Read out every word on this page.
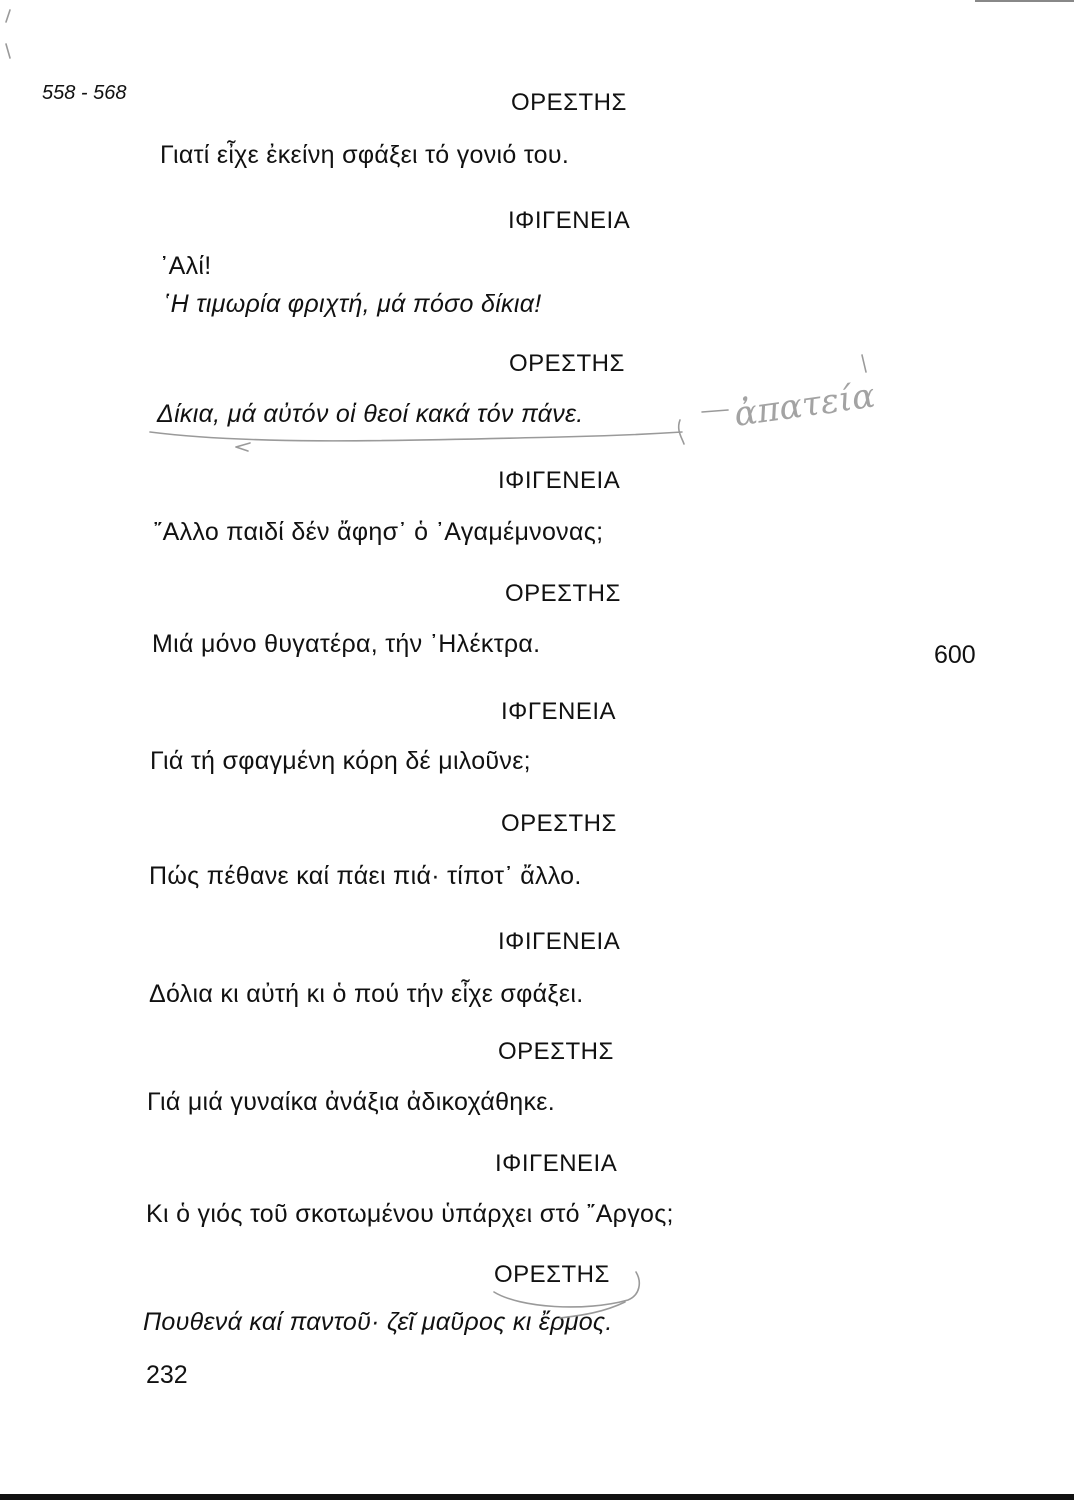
558 - 568	ΟΡΕΣΤΗΣ
Γιατί εἶχε ἐκείνη σφάξει τό γονιό του.
ΙΦΙΓΕΝΕΙΑ
᾿Αλί!
῾Η τιμωρία φριχτή, μά πόσο δίκια!
ΟΡΕΣΤΗΣ
Δίκια, μά αὐτόν οἱ θεοί κακά τόν πάνε.
ΙΦΙΓΕΝΕΙΑ
῎Αλλο παιδί δέν ἄφησ᾿ ὁ ᾿Αγαμέμνονας;
ΟΡΕΣΤΗΣ
Μιά μόνο θυγατέρα, τήν ᾿Ηλέκτρα.	600
ΙΦΓΕΝΕΙΑ
Γιά τή σφαγμένη κόρη δέ μιλοῦνε;
ΟΡΕΣΤΗΣ
Πώς πέθανε καί πάει πιά· τίποτ᾿ ἄλλο.
ΙΦΙΓΕΝΕΙΑ
Δόλια κι αὐτή κι ὁ πού τήν εἶχε σφάξει.
ΟΡΕΣΤΗΣ
Γιά μιά γυναίκα ἀνάξια ἀδικοχάθηκε.
ΙΦΙΓΕΝΕΙΑ
Κι ὁ γιός τοῦ σκοτωμένου ὑπάρχει στό ῎Αργος;
ΟΡΕΣΤΗΣ
Πουθενά καί παντοῦ· ζεῖ μαῦρος κι ἔρμος.
232
ἀπατεία
